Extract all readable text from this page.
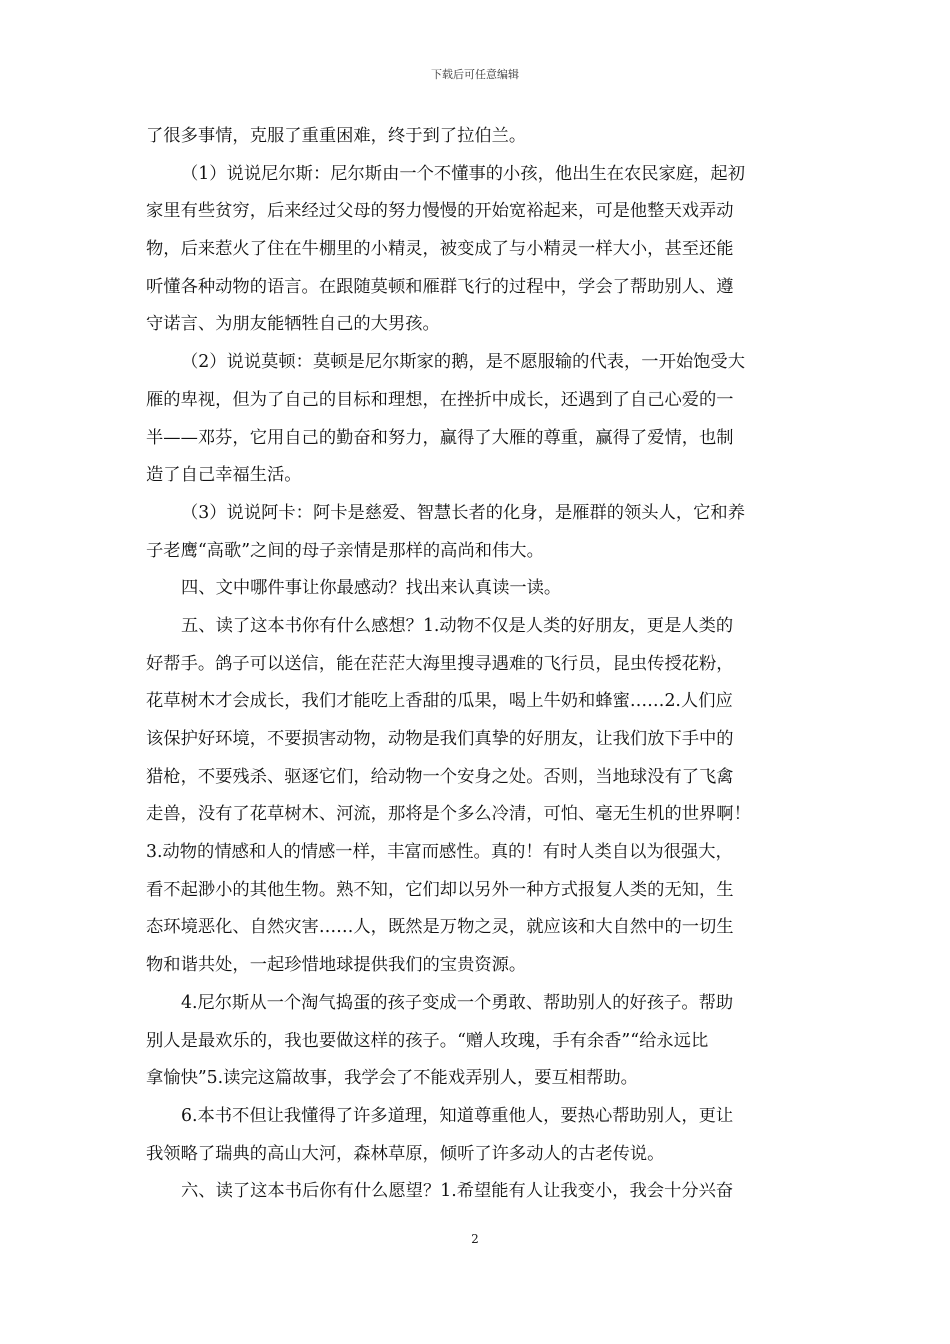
下载后可任意编辑
了很多事情，克服了重重困难，终于到了拉伯兰。
（1）说说尼尔斯：尼尔斯由一个不懂事的小孩，他出生在农民家庭，起初
家里有些贫穷，后来经过父母的努力慢慢的开始宽裕起来，可是他整天戏弄动
物，后来惹火了住在牛棚里的小精灵，被变成了与小精灵一样大小，甚至还能
听懂各种动物的语言。在跟随莫顿和雁群飞行的过程中，学会了帮助别人、遵
守诺言、为朋友能牺牲自己的大男孩。
（2）说说莫顿：莫顿是尼尔斯家的鹅，是不愿服输的代表，一开始饱受大
雁的卑视，但为了自己的目标和理想，在挫折中成长，还遇到了自己心爱的一
半——邓芬，它用自己的勤奋和努力，赢得了大雁的尊重，赢得了爱情，也制
造了自己幸福生活。
（3）说说阿卡：阿卡是慈爱、智慧长者的化身，是雁群的领头人，它和养
子老鹰“高歌”之间的母子亲情是那样的高尚和伟大。
四、文中哪件事让你最感动？找出来认真读一读。
五、读了这本书你有什么感想？1.动物不仅是人类的好朋友，更是人类的
好帮手。鸽子可以送信，能在茫茫大海里搜寻遇难的飞行员，昆虫传授花粉，
花草树木才会成长，我们才能吃上香甜的瓜果，喝上牛奶和蜂蜜……2.人们应
该保护好环境，不要损害动物，动物是我们真挚的好朋友，让我们放下手中的
猎枪，不要残杀、驱逐它们，给动物一个安身之处。否则，当地球没有了飞禽
走兽，没有了花草树木、河流，那将是个多么冷清，可怕、毫无生机的世界啊！
3.动物的情感和人的情感一样，丰富而感性。真的！有时人类自以为很强大，
看不起渺小的其他生物。熟不知，它们却以另外一种方式报复人类的无知，生
态环境恶化、自然灾害……人，既然是万物之灵，就应该和大自然中的一切生
物和谐共处，一起珍惜地球提供我们的宝贵资源。
4.尼尔斯从一个淘气捣蛋的孩子变成一个勇敢、帮助别人的好孩子。帮助
别人是最欢乐的，我也要做这样的孩子。“赠人玫瑰，手有余香”“给永远比
拿愉快”5.读完这篇故事，我学会了不能戏弄别人，要互相帮助。
6.本书不但让我懂得了许多道理，知道尊重他人，要热心帮助别人，更让
我领略了瑞典的高山大河，森林草原，倾听了许多动人的古老传说。
六、读了这本书后你有什么愿望？1.希望能有人让我变小，我会十分兴奋
2
